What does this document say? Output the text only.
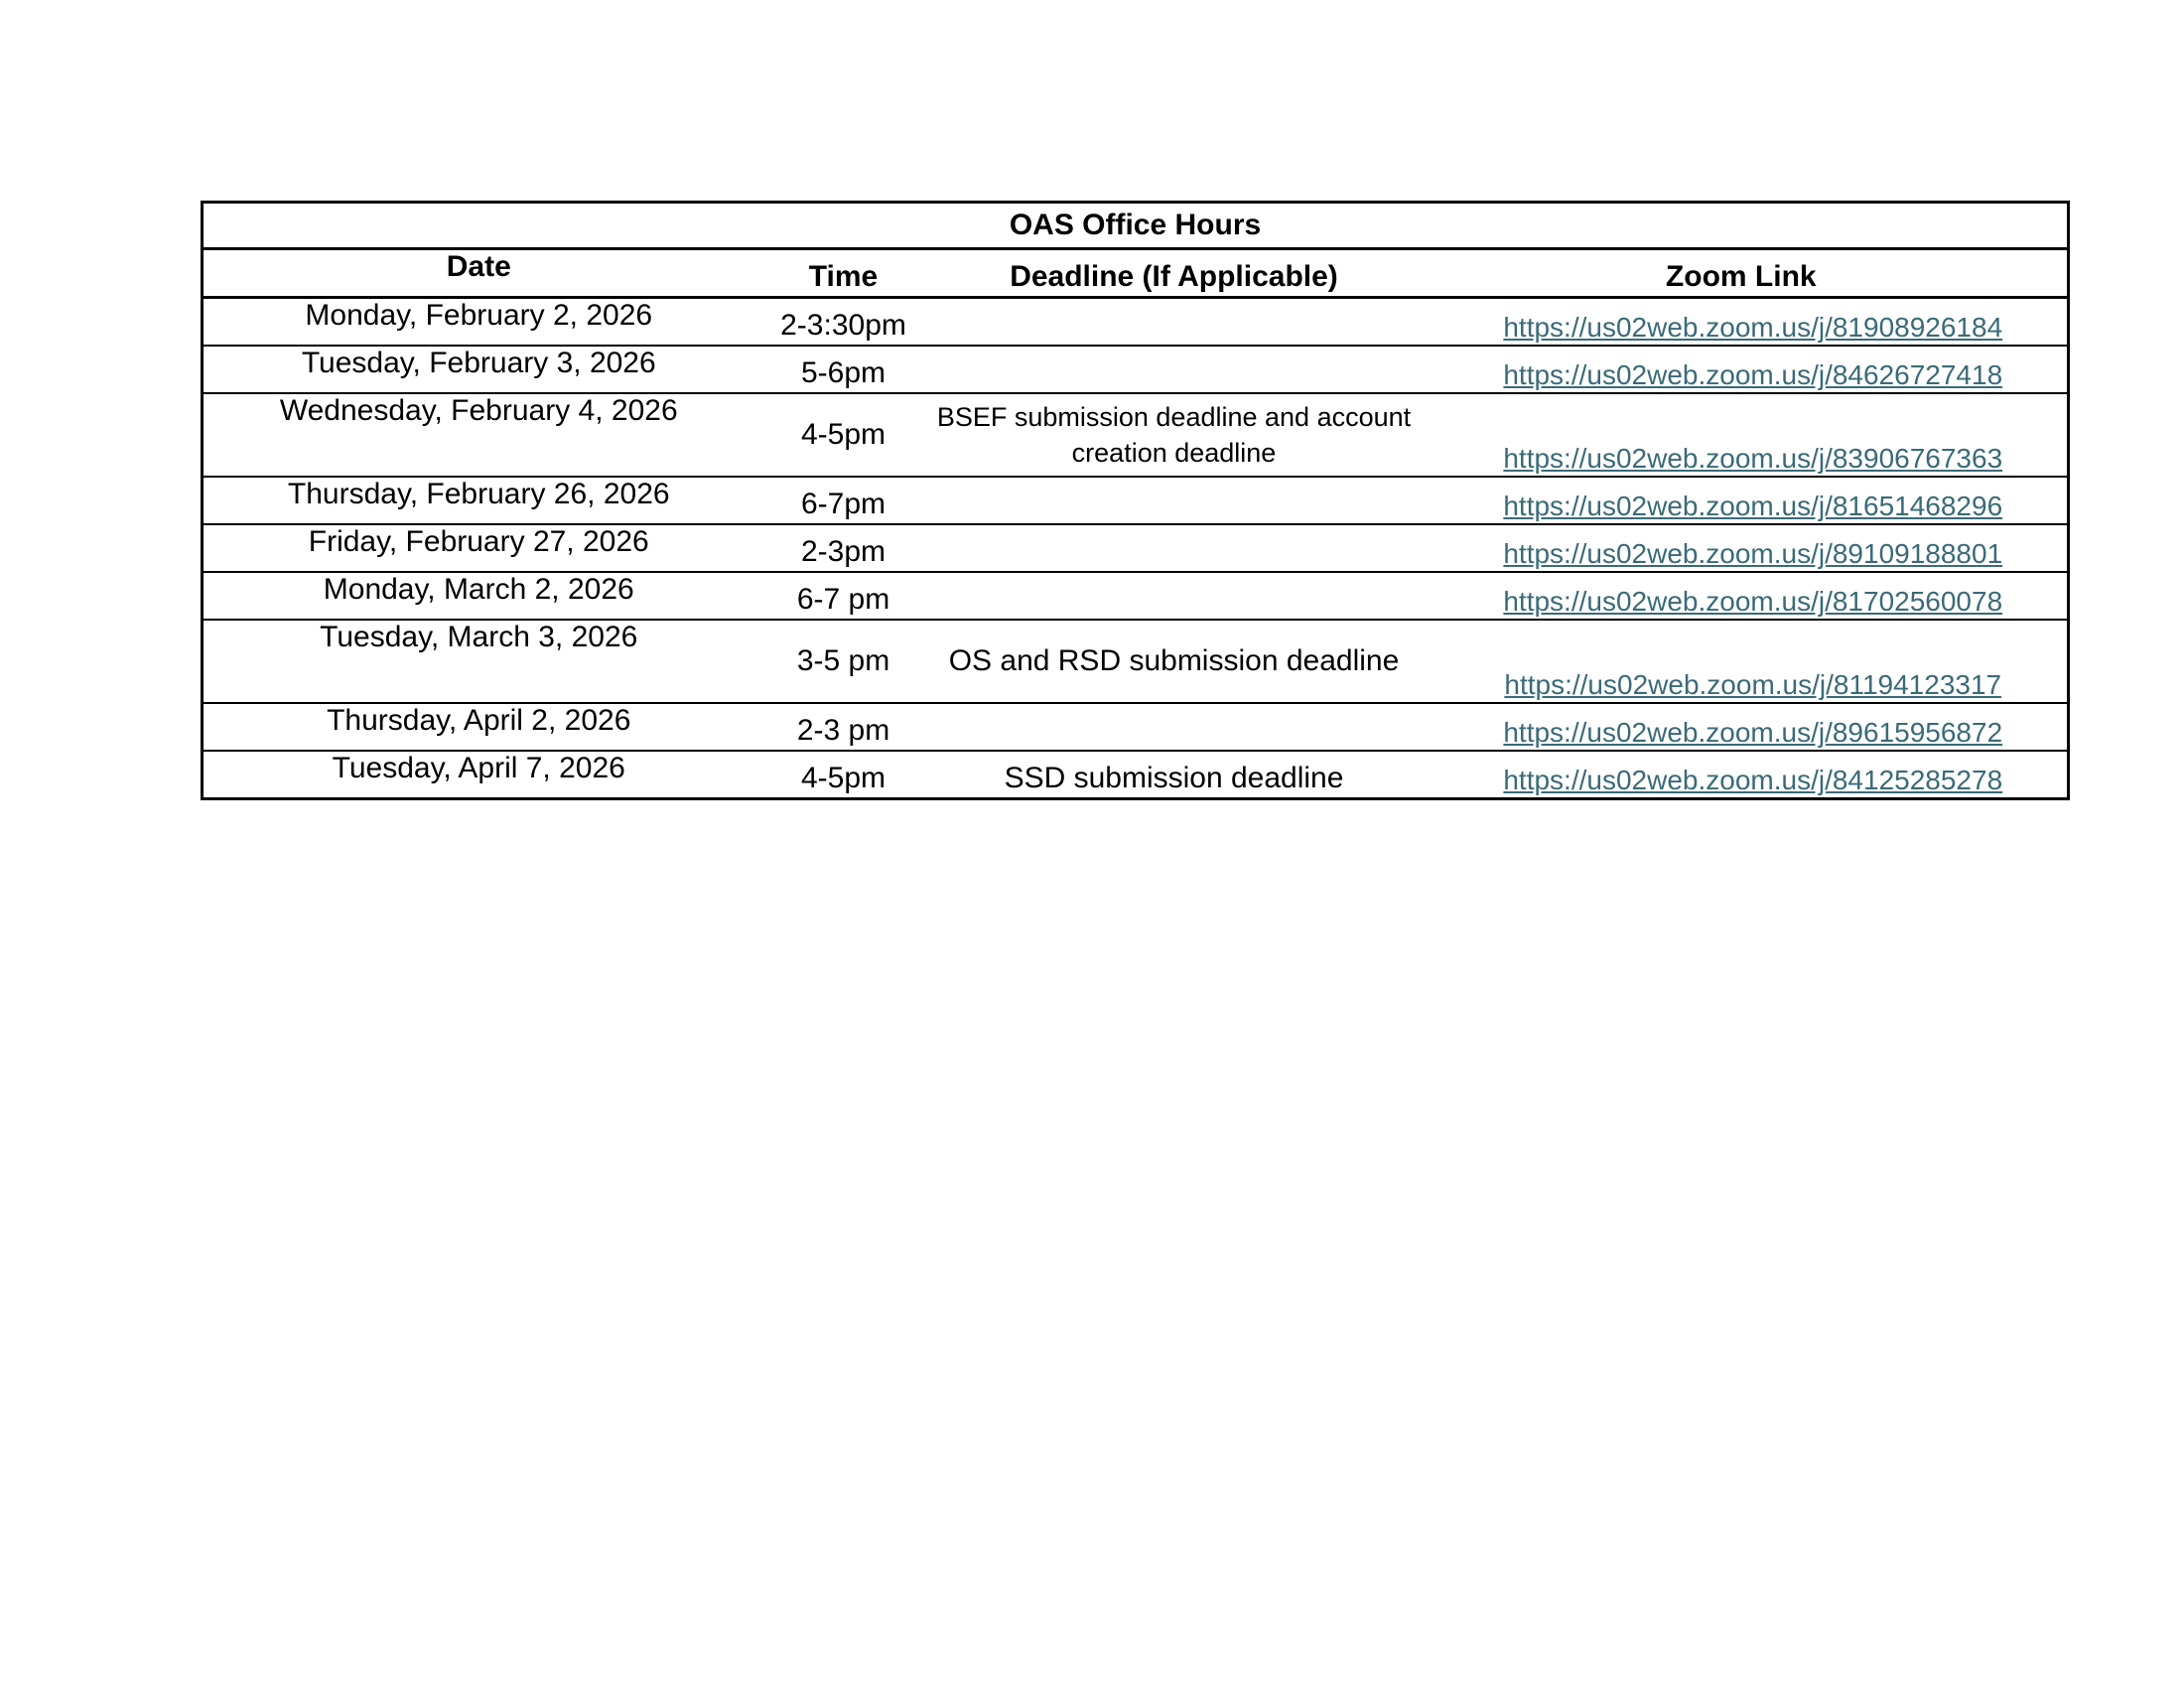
OAS Office Hours			
Date	Time	Deadline (If Applicable)	Zoom Link
Monday, February 2, 2026	2-3:30pm		https://us02web.zoom.us/j/81908926184
Tuesday, February 3, 2026	5-6pm		https://us02web.zoom.us/j/84626727418
Wednesday, February 4, 2026	4-5pm	BSEF submission deadline and account creation deadline	https://us02web.zoom.us/j/83906767363
Thursday, February 26, 2026	6-7pm		https://us02web.zoom.us/j/81651468296
Friday, February 27, 2026	2-3pm		https://us02web.zoom.us/j/89109188801
Monday, March 2, 2026	6-7 pm		https://us02web.zoom.us/j/81702560078
Tuesday, March 3, 2026	3-5 pm	OS and RSD submission deadline	https://us02web.zoom.us/j/81194123317
Thursday, April 2, 2026	2-3 pm		https://us02web.zoom.us/j/89615956872
Tuesday, April 7, 2026	4-5pm	SSD submission deadline	https://us02web.zoom.us/j/84125285278
